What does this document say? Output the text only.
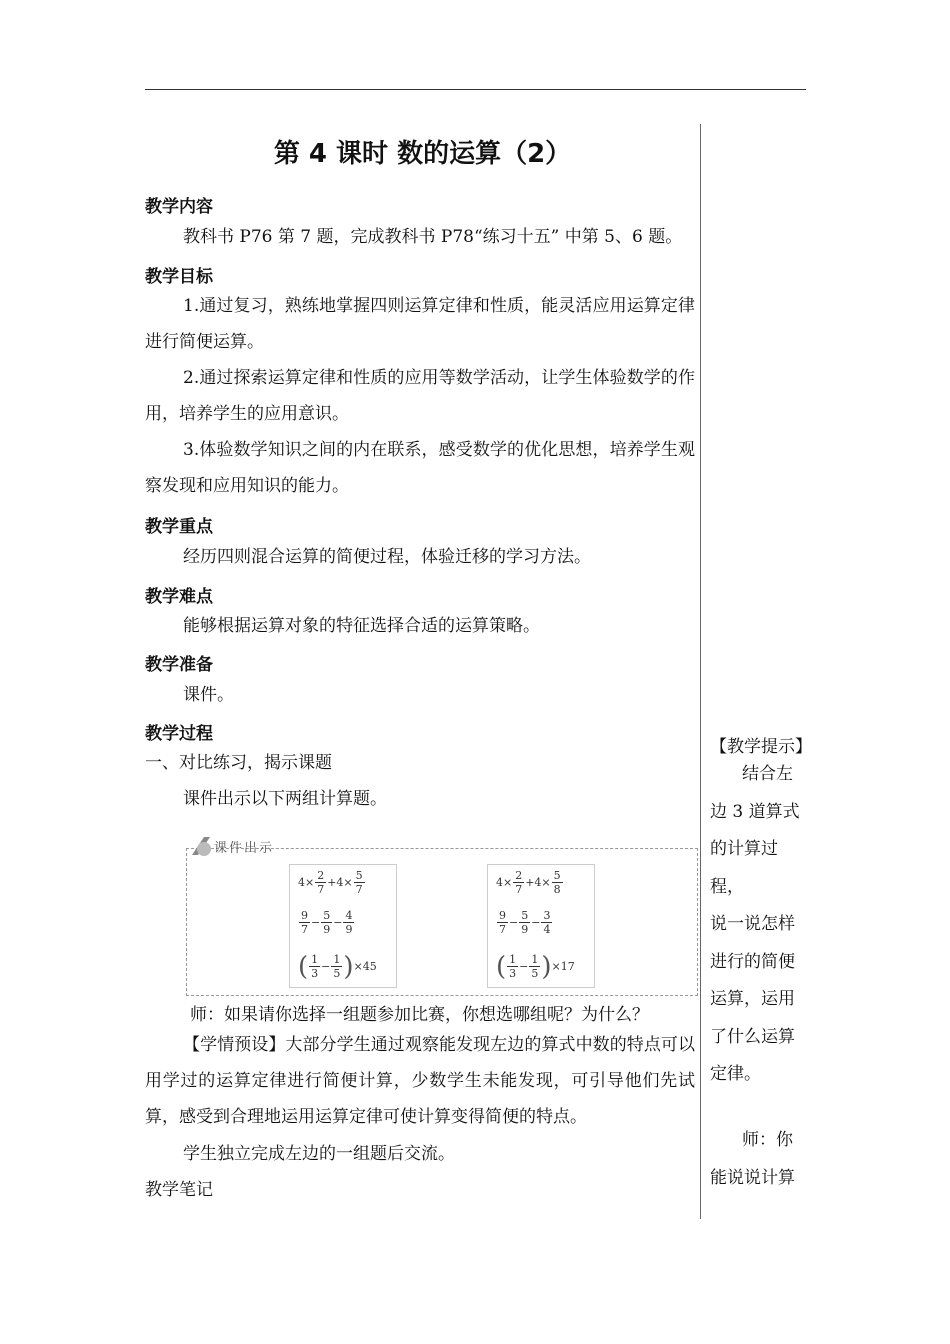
第 4 课时 数的运算（2）
教学内容
教科书 P76 第 7 题，完成教科书 P78“练习十五” 中第 5、6 题。
教学目标
1.通过复习，熟练地掌握四则运算定律和性质，能灵活应用运算定律进行简便运算。
2.通过探索运算定律和性质的应用等数学活动，让学生体验数学的作用，培养学生的应用意识。
3.体验数学知识之间的内在联系，感受数学的优化思想，培养学生观察发现和应用知识的能力。
教学重点
经历四则混合运算的简便过程，体验迁移的学习方法。
教学难点
能够根据运算对象的特征选择合适的运算策略。
教学准备
课件。
教学过程
一、对比练习，揭示课题
课件出示以下两组计算题。
课件出示
$4\times \frac{2}{7} +4\times \frac{5}{7}$
$\frac{9}{7} - \frac{5}{9} - \frac{4}{9}$
( $\frac{1}{3} - \frac{1}{5}$ ) ×45
$4\times \frac{2}{7} +4\times \frac{5}{8}$
$\frac{9}{7} - \frac{5}{9} - \frac{3}{4}$
( $\frac{1}{3} - \frac{1}{5}$ ) ×17
师：如果请你选择一组题参加比赛，你想选哪组呢？为什么？
【学情预设】大部分学生通过观察能发现左边的算式中数的特点可以用学过的运算定律进行简便计算，少数学生未能发现，可引导他们先试算，感受到合理地运用运算定律可使计算变得简便的特点。
学生独立完成左边的一组题后交流。
教学笔记
【教学提示】
结合左
边 3 道算式
的计算过程，
说一说怎样
进行的简便
运算，运用
了什么运算
定律。
师：你
能说说计算
